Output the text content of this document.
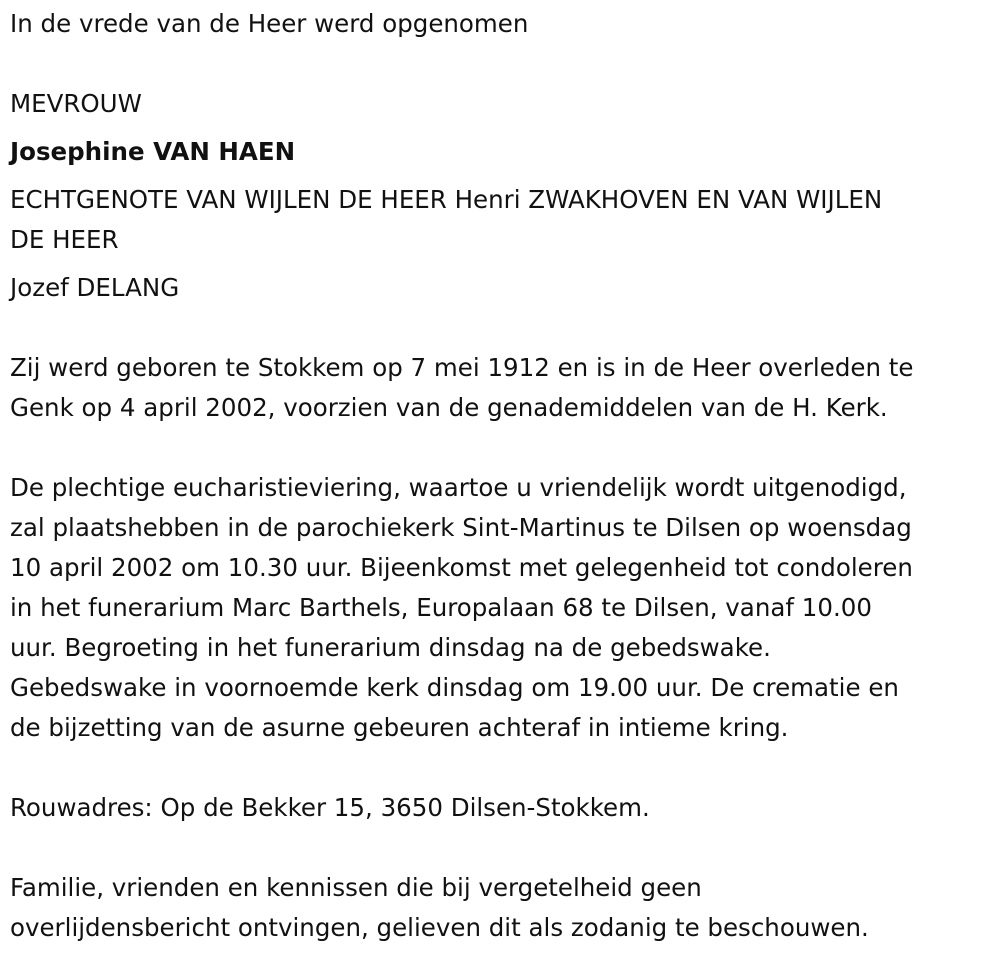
In de vrede van de Heer werd opgenomen
MEVROUW
Josephine VAN HAEN
ECHTGENOTE VAN WIJLEN DE HEER Henri ZWAKHOVEN EN VAN WIJLEN
DE HEER
Jozef DELANG
Zij werd geboren te Stokkem op 7 mei 1912 en is in de Heer overleden te
Genk op 4 april 2002, voorzien van de genademiddelen van de H. Kerk.
De plechtige eucharistieviering, waartoe u vriendelijk wordt uitgenodigd,
zal plaatshebben in de parochiekerk Sint-Martinus te Dilsen op woensdag
10 april 2002 om 10.30 uur. Bijeenkomst met gelegenheid tot condoleren
in het funerarium Marc Barthels, Europalaan 68 te Dilsen, vanaf 10.00
uur. Begroeting in het funerarium dinsdag na de gebedswake.
Gebedswake in voornoemde kerk dinsdag om 19.00 uur. De crematie en
de bijzetting van de asurne gebeuren achteraf in intieme kring.
Rouwadres: Op de Bekker 15, 3650 Dilsen-Stokkem.
Familie, vrienden en kennissen die bij vergetelheid geen
overlijdensbericht ontvingen, gelieven dit als zodanig te beschouwen.
